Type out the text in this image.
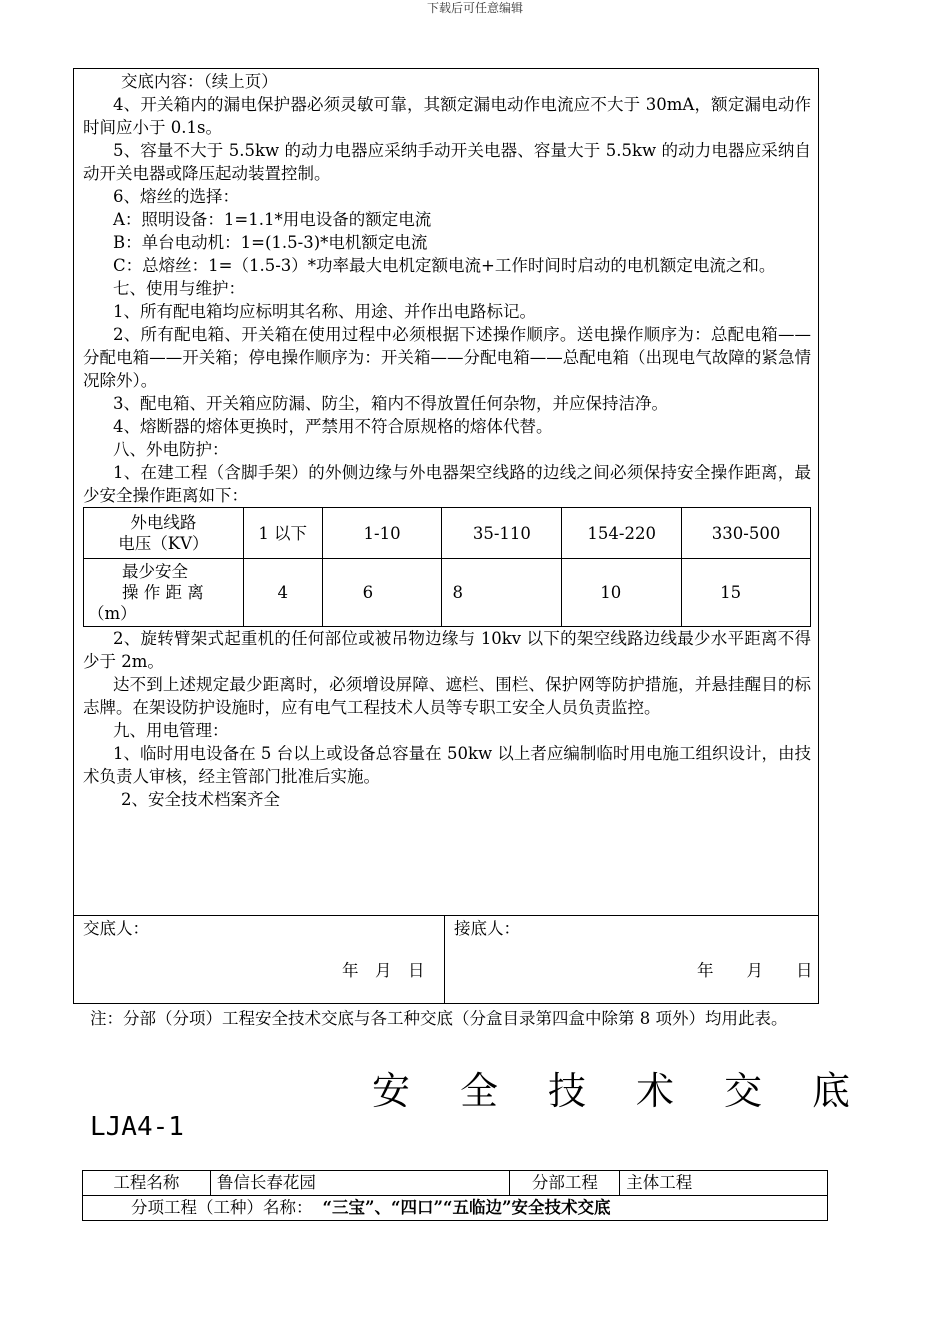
下载后可任意编辑

交底内容：（续上页）

4、开关箱内的漏电保护器必须灵敏可靠，其额定漏电动作电流应不大于 30mA，额定漏电动作时间应小于 0.1s。

5、容量不大于 5.5kw 的动力电器应采纳手动开关电器、容量大于 5.5kw 的动力电器应采纳自动开关电器或降压起动装置控制。

6、熔丝的选择：

A：照明设备：1=1.1*用电设备的额定电流

B：单台电动机：1=(1.5-3)*电机额定电流

C：总熔丝：1=（1.5-3）*功率最大电机定额电流+工作时间时启动的电机额定电流之和。

七、使用与维护：

1、所有配电箱均应标明其名称、用途、并作出电路标记。

2、所有配电箱、开关箱在使用过程中必须根据下述操作顺序。送电操作顺序为：总配电箱——分配电箱——开关箱；停电操作顺序为：开关箱——分配电箱——总配电箱（出现电气故障的紧急情况除外）。

3、配电箱、开关箱应防漏、防尘，箱内不得放置任何杂物，并应保持洁净。

4、熔断器的熔体更换时，严禁用不符合原规格的熔体代替。

八、外电防护：

1、在建工程（含脚手架）的外侧边缘与外电器架空线路的边线之间必须保持安全操作距离，最少安全操作距离如下：

外电线路
电压（KV）	1 以下	1-10	35-110	154-220	330-500

最少安全
操 作 距 离
（m）	4	6	8	10	15

2、旋转臂架式起重机的任何部位或被吊物边缘与 10kv 以下的架空线路边线最少水平距离不得少于 2m。

达不到上述规定最少距离时，必须增设屏障、遮栏、围栏、保护网等防护措施，并悬挂醒目的标志牌。在架设防护设施时，应有电气工程技术人员等专职工安全人员负责监控。

九、用电管理：

1、临时用电设备在 5 台以上或设备总容量在 50kw 以上者应编制临时用电施工组织设计，由技术负责人审核，经主管部门批准后实施。

2、安全技术档案齐全

交底人：
年　月　日
接底人：
年　　月　　日
注：分部（分项）工程安全技术交底与各工种交底（分盒目录第四盒中除第 8 项外）均用此表。
安全技术交底
LJA4-1
工程名称	鲁信长春花园	分部工程	主体工程
分项工程（工种）名称： “三宝”、“四口”“五临边”安全技术交底
